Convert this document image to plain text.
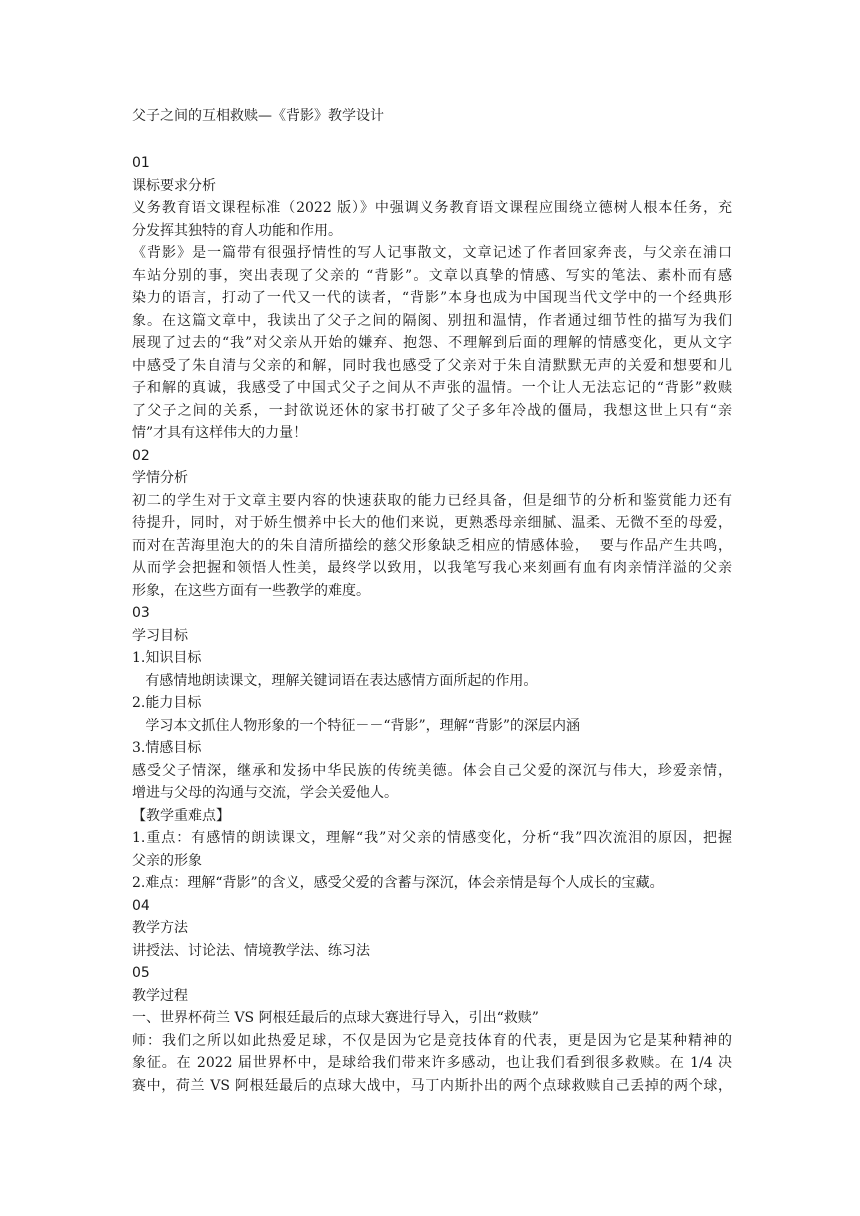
父子之间的互相救赎—《背影》教学设计
01
课标要求分析
义务教育语文课程标准（2022 版）》中强调义务教育语文课程应围绕立德树人根本任务，充
分发挥其独特的育人功能和作用。
《背影》是一篇带有很强抒情性的写人记事散文，文章记述了作者回家奔丧，与父亲在浦口
车站分别的事，突出表现了父亲的 “背影”。文章以真挚的情感、写实的笔法、素朴而有感
染力的语言，打动了一代又一代的读者，“背影”本身也成为中国现当代文学中的一个经典形
象。在这篇文章中，我读出了父子之间的隔阂、别扭和温情，作者通过细节性的描写为我们
展现了过去的“我”对父亲从开始的嫌弃、抱怨、不理解到后面的理解的情感变化，更从文字
中感受了朱自清与父亲的和解，同时我也感受了父亲对于朱自清默默无声的关爱和想要和儿
子和解的真诚，我感受了中国式父子之间从不声张的温情。一个让人无法忘记的“背影”救赎
了父子之间的关系，一封欲说还休的家书打破了父子多年冷战的僵局，我想这世上只有“亲
情”才具有这样伟大的力量！
02
学情分析
初二的学生对于文章主要内容的快速获取的能力已经具备，但是细节的分析和鉴赏能力还有
待提升，同时，对于娇生惯养中长大的他们来说，更熟悉母亲细腻、温柔、无微不至的母爱，
而对在苦海里泡大的的朱自清所描绘的慈父形象缺乏相应的情感体验，  要与作品产生共鸣，
从而学会把握和领悟人性美，最终学以致用，以我笔写我心来刻画有血有肉亲情洋溢的父亲
形象，在这些方面有一些教学的难度。
03
学习目标
1.知识目标
有感情地朗读课文，理解关键词语在表达感情方面所起的作用。
2.能力目标
学习本文抓住人物形象的一个特征－－“背影”，理解“背影”的深层内涵
3.情感目标
感受父子情深，继承和发扬中华民族的传统美德。体会自己父爱的深沉与伟大，珍爱亲情，
增进与父母的沟通与交流，学会关爱他人。
【教学重难点】
1.重点：有感情的朗读课文，理解“我”对父亲的情感变化，分析“我”四次流泪的原因，把握
父亲的形象
2.难点：理解“背影”的含义，感受父爱的含蓄与深沉，体会亲情是每个人成长的宝藏。
04
教学方法
讲授法、讨论法、情境教学法、练习法
05
教学过程
一、世界杯荷兰 VS 阿根廷最后的点球大赛进行导入，引出“救赎”
师：我们之所以如此热爱足球，不仅是因为它是竞技体育的代表，更是因为它是某种精神的
象征。在 2022 届世界杯中，是球给我们带来许多感动，也让我们看到很多救赎。在 1/4 决
赛中，荷兰 VS 阿根廷最后的点球大战中，马丁内斯扑出的两个点球救赎自己丢掉的两个球，
